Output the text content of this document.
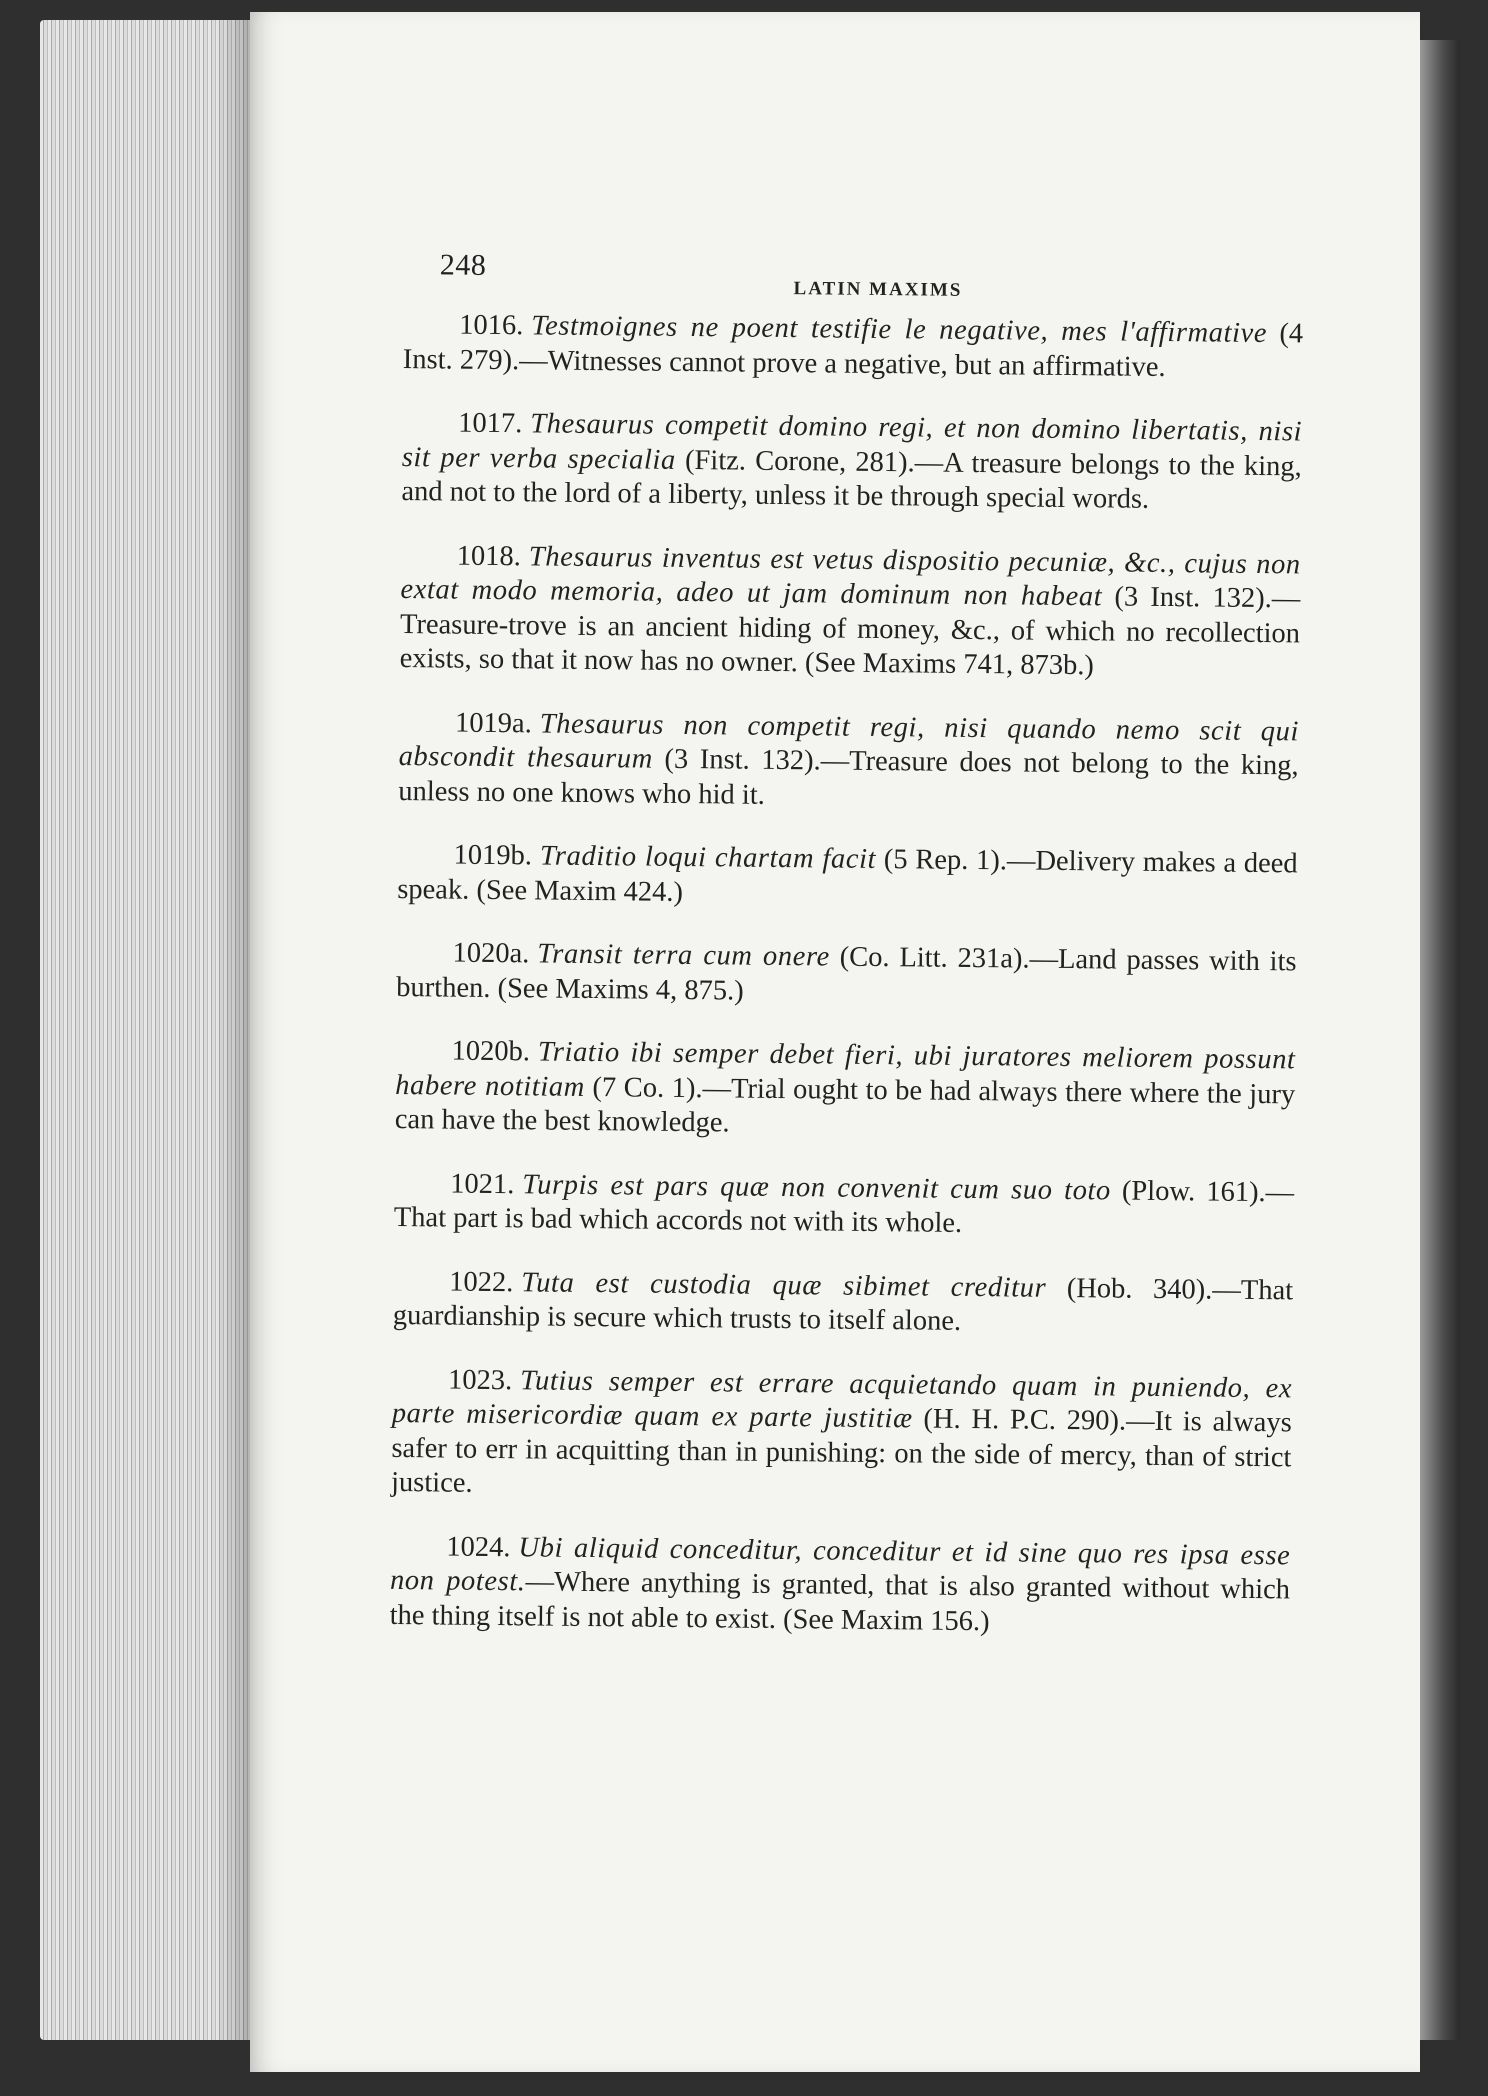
248
LATIN MAXIMS

1016. Testmoignes ne poent testifie le negative, mes l'affirmative (4 Inst. 279).—Witnesses cannot prove a negative, but an affirmative.

1017. Thesaurus competit domino regi, et non domino libertatis, nisi sit per verba specialia (Fitz. Corone, 281).—A treasure belongs to the king, and not to the lord of a liberty, unless it be through special words.

1018. Thesaurus inventus est vetus dispositio pecuniæ, &c., cujus non extat modo memoria, adeo ut jam dominum non habeat (3 Inst. 132).—Treasure-trove is an ancient hiding of money, &c., of which no recollection exists, so that it now has no owner. (See Maxims 741, 873b.)

1019a. Thesaurus non competit regi, nisi quando nemo scit qui abscondit thesaurum (3 Inst. 132).—Treasure does not belong to the king, unless no one knows who hid it.

1019b. Traditio loqui chartam facit (5 Rep. 1).—Delivery makes a deed speak. (See Maxim 424.)

1020a. Transit terra cum onere (Co. Litt. 231a).—Land passes with its burthen. (See Maxims 4, 875.)

1020b. Triatio ibi semper debet fieri, ubi juratores meliorem possunt habere notitiam (7 Co. 1).—Trial ought to be had always there where the jury can have the best knowledge.

1021. Turpis est pars quæ non convenit cum suo toto (Plow. 161).—That part is bad which accords not with its whole.

1022. Tuta est custodia quæ sibimet creditur (Hob. 340).—That guardianship is secure which trusts to itself alone.

1023. Tutius semper est errare acquietando quam in puniendo, ex parte misericordiæ quam ex parte justitiæ (H. H. P.C. 290).—It is always safer to err in acquitting than in punishing: on the side of mercy, than of strict justice.

1024. Ubi aliquid conceditur, conceditur et id sine quo res ipsa esse non potest.—Where anything is granted, that is also granted without which the thing itself is not able to exist. (See Maxim 156.)
